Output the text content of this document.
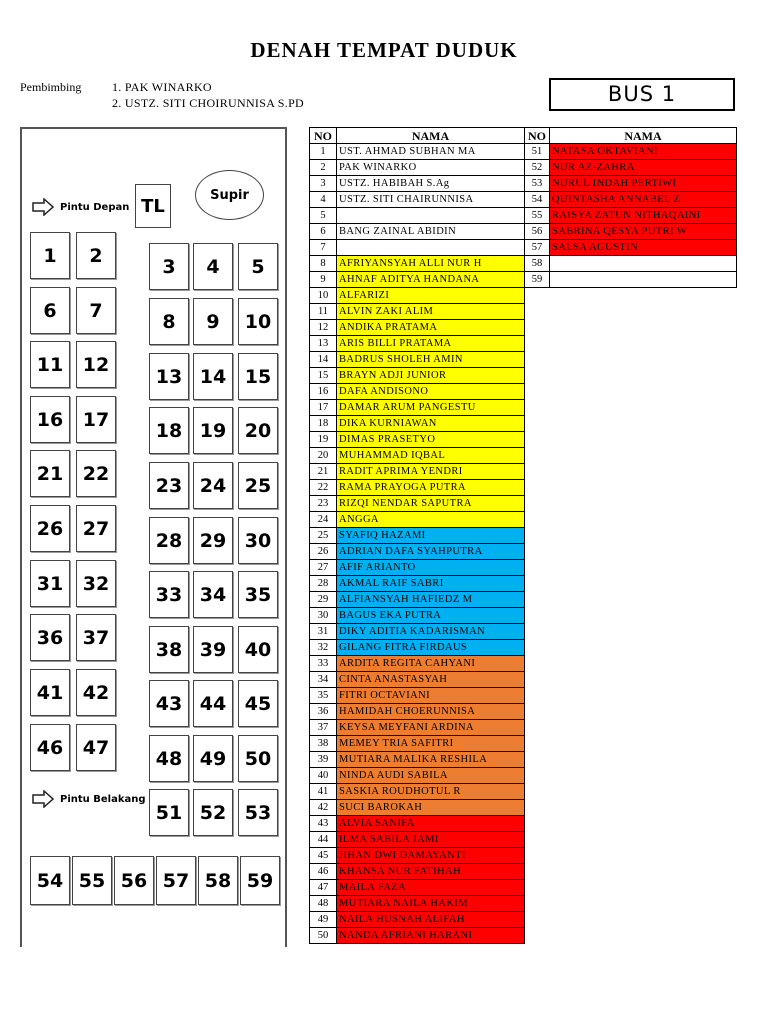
DENAH TEMPAT DUDUK
Pembimbing	1. PAK WINARKO
2. USTZ. SITI CHOIRUNNISA S.PD	BUS 1
Supir
TL
Pintu Depan
Pintu Belakang
1	2	3	4	5
6	7	8	9	10
11	12
13 14 15
16	17	18 19 20
21	22
23 24 25
26	27
28 29 30
31	32	33 34 35
36	37
38 39 40
41	42	43 44 45
46	47	48 49 50
51 52 53
54 55 56 57 58 59
NO	NAMA
1	UST. AHMAD SUBHAN MA
2	PAK WINARKO
3	USTZ. HABIBAH S.Ag
4	USTZ. SITI CHAIRUNNISA
5	
6	BANG ZAINAL ABIDIN
7	
8	AFRIYANSYAH ALLI NUR H
9	AHNAF ADITYA HANDANA
10	ALFARIZI
11	ALVIN ZAKI ALIM
12	ANDIKA PRATAMA
13	ARIS BILLI PRATAMA
14	BADRUS SHOLEH AMIN
15	BRAYN ADJI JUNIOR
16	DAFA ANDISONO
17	DAMAR ARUM PANGESTU
18	DIKA KURNIAWAN
19	DIMAS PRASETYO
20	MUHAMMAD IQBAL
21	RADIT APRIMA YENDRI
22	RAMA PRAYOGA PUTRA
23	RIZQI NENDAR SAPUTRA
24	ANGGA
25	SYAFIQ HAZAMI
26	ADRIAN DAFA SYAHPUTRA
27	AFIF ARIANTO
28	AKMAL RAIF SABRI
29	ALFIANSYAH HAFIEDZ M
30	BAGUS EKA PUTRA
31	DIKY ADITIA KADARISMAN
32	GILANG FITRA FIRDAUS
33	ARDITA REGITA CAHYANI
34	CINTA ANASTASYAH
35	FITRI OCTAVIANI
36	HAMIDAH CHOERUNNISA
37	KEYSA MEYFANI ARDINA
38	MEMEY TRIA SAFITRI
39	MUTIARA MALIKA RESHILA
40	NINDA AUDI SABILA
41	SASKIA ROUDHOTUL R
42	SUCI BAROKAH
43	ALVIA SANIFA
44	ILMA SABILA JAMI
45	JIHAN DWI DAMAYANTI
46	KHANSA NUR FATIHAH
47	MAILA FAZA
48	MUTIARA NAILA HAKIM
49	NAILA HUSNAH ALIFAH
50	NANDA AFRIANI HARANI
NO	NAMA
51	NATASA OKTAVIANI
52	NUR AZ-ZAHRA
53	NURUL INDAH PERTIWI
54	QUINTASHA ANNABEL Z
55	RAISYA ZATUN NITHAQAINI
56	SABRINA QESYA PUTRI W
57	SALSA AGUSTIN
58	
59	
